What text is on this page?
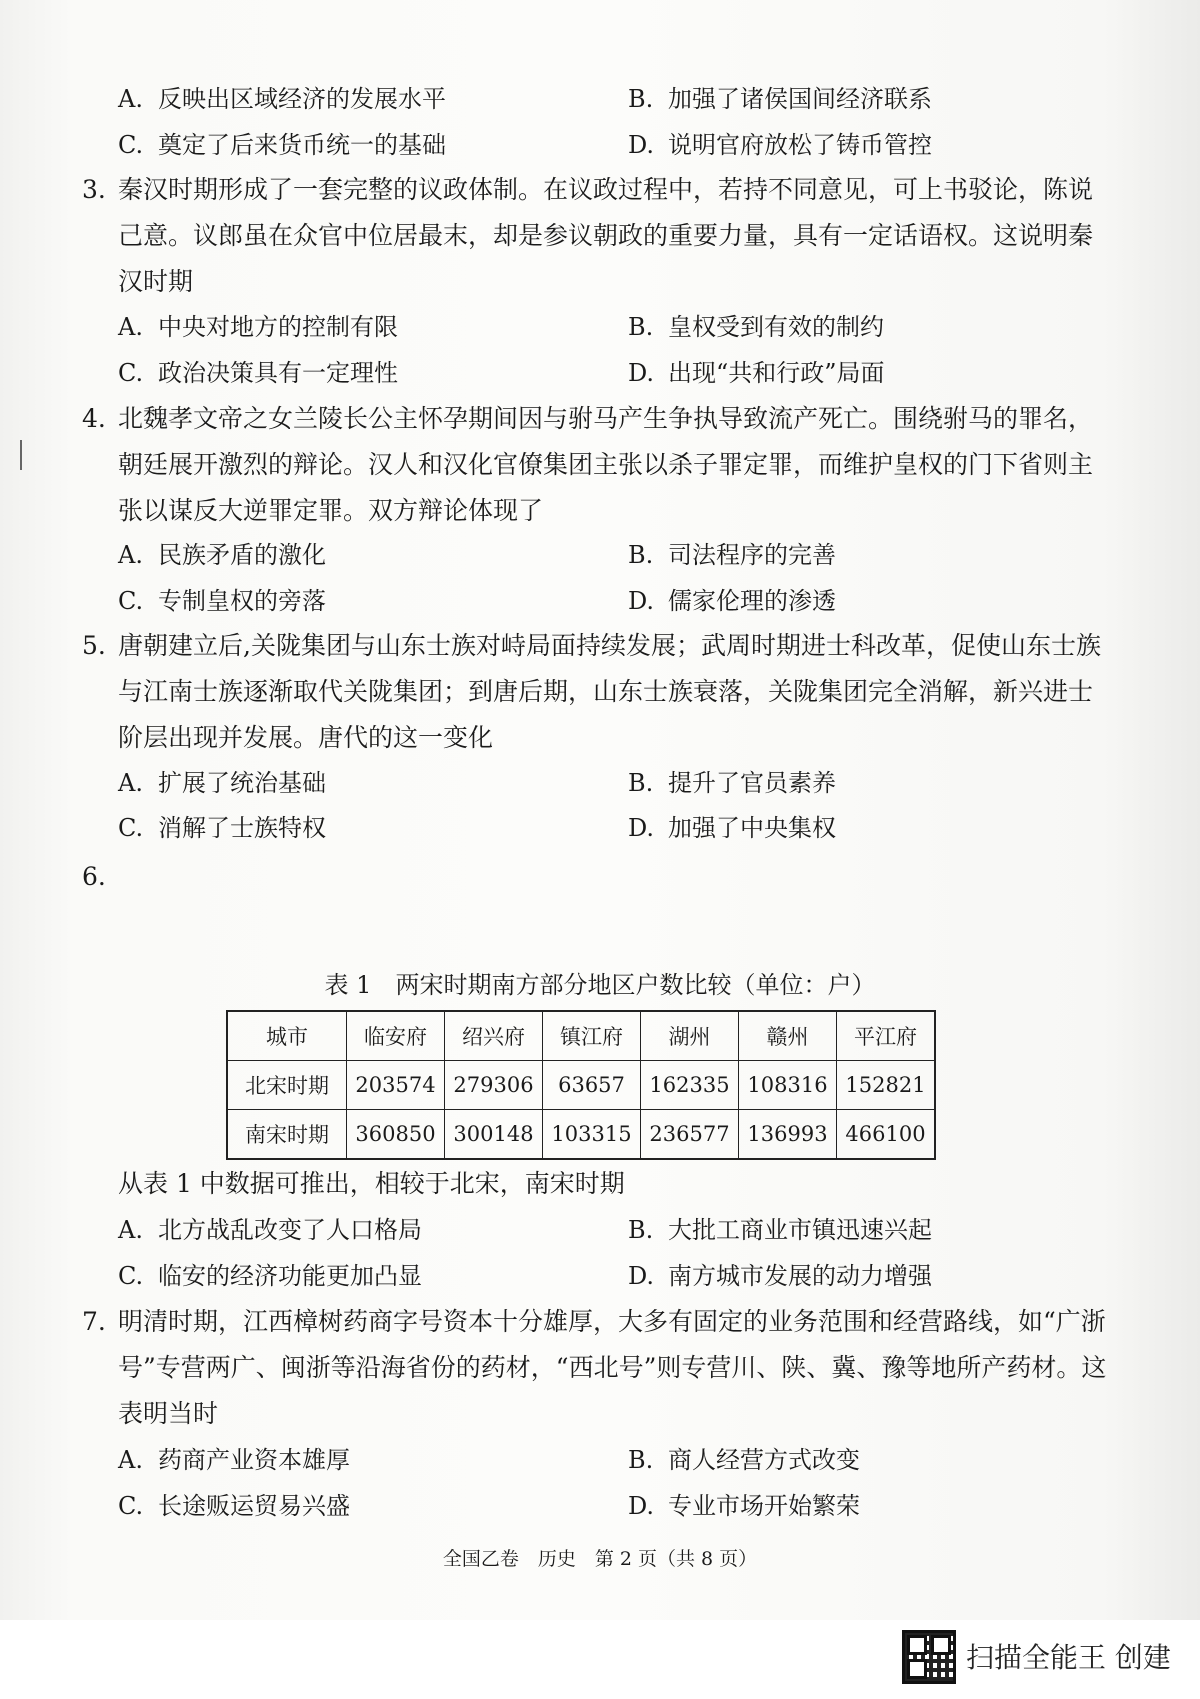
A. 反映出区域经济的发展水平	B. 加强了诸侯国间经济联系
C. 奠定了后来货币统一的基础	D. 说明官府放松了铸币管控
3. 秦汉时期形成了一套完整的议政体制。在议政过程中，若持不同意见，可上书驳论，陈说
己意。议郎虽在众官中位居最末，却是参议朝政的重要力量，具有一定话语权。这说明秦
汉时期
A. 中央对地方的控制有限	B. 皇权受到有效的制约
C. 政治决策具有一定理性	D. 出现“共和行政”局面
4. 北魏孝文帝之女兰陵长公主怀孕期间因与驸马产生争执导致流产死亡。围绕驸马的罪名，
朝廷展开激烈的辩论。汉人和汉化官僚集团主张以杀子罪定罪，而维护皇权的门下省则主
张以谋反大逆罪定罪。双方辩论体现了
A. 民族矛盾的激化	B. 司法程序的完善
C. 专制皇权的旁落	D. 儒家伦理的渗透
5. 唐朝建立后,关陇集团与山东士族对峙局面持续发展；武周时期进士科改革，促使山东士族
与江南士族逐渐取代关陇集团；到唐后期，山东士族衰落，关陇集团完全消解，新兴进士
阶层出现并发展。唐代的这一变化
A. 扩展了统治基础	B. 提升了官员素养
C. 消解了士族特权	D. 加强了中央集权
6.
表 1　两宋时期南方部分地区户数比较（单位：户）
城市	临安府	绍兴府	镇江府	湖州	赣州	平江府
北宋时期	203574	279306	63657	162335	108316	152821
南宋时期	360850	300148	103315	236577	136993	466100
从表 1 中数据可推出，相较于北宋，南宋时期
A. 北方战乱改变了人口格局	B. 大批工商业市镇迅速兴起
C. 临安的经济功能更加凸显	D. 南方城市发展的动力增强
7. 明清时期，江西樟树药商字号资本十分雄厚，大多有固定的业务范围和经营路线，如“广浙
号”专营两广、闽浙等沿海省份的药材，“西北号”则专营川、陕、冀、豫等地所产药材。这
表明当时
A. 药商产业资本雄厚	B. 商人经营方式改变
C. 长途贩运贸易兴盛	D. 专业市场开始繁荣
全国乙卷　历史　第 2 页（共 8 页）
扫描全能王 创建
